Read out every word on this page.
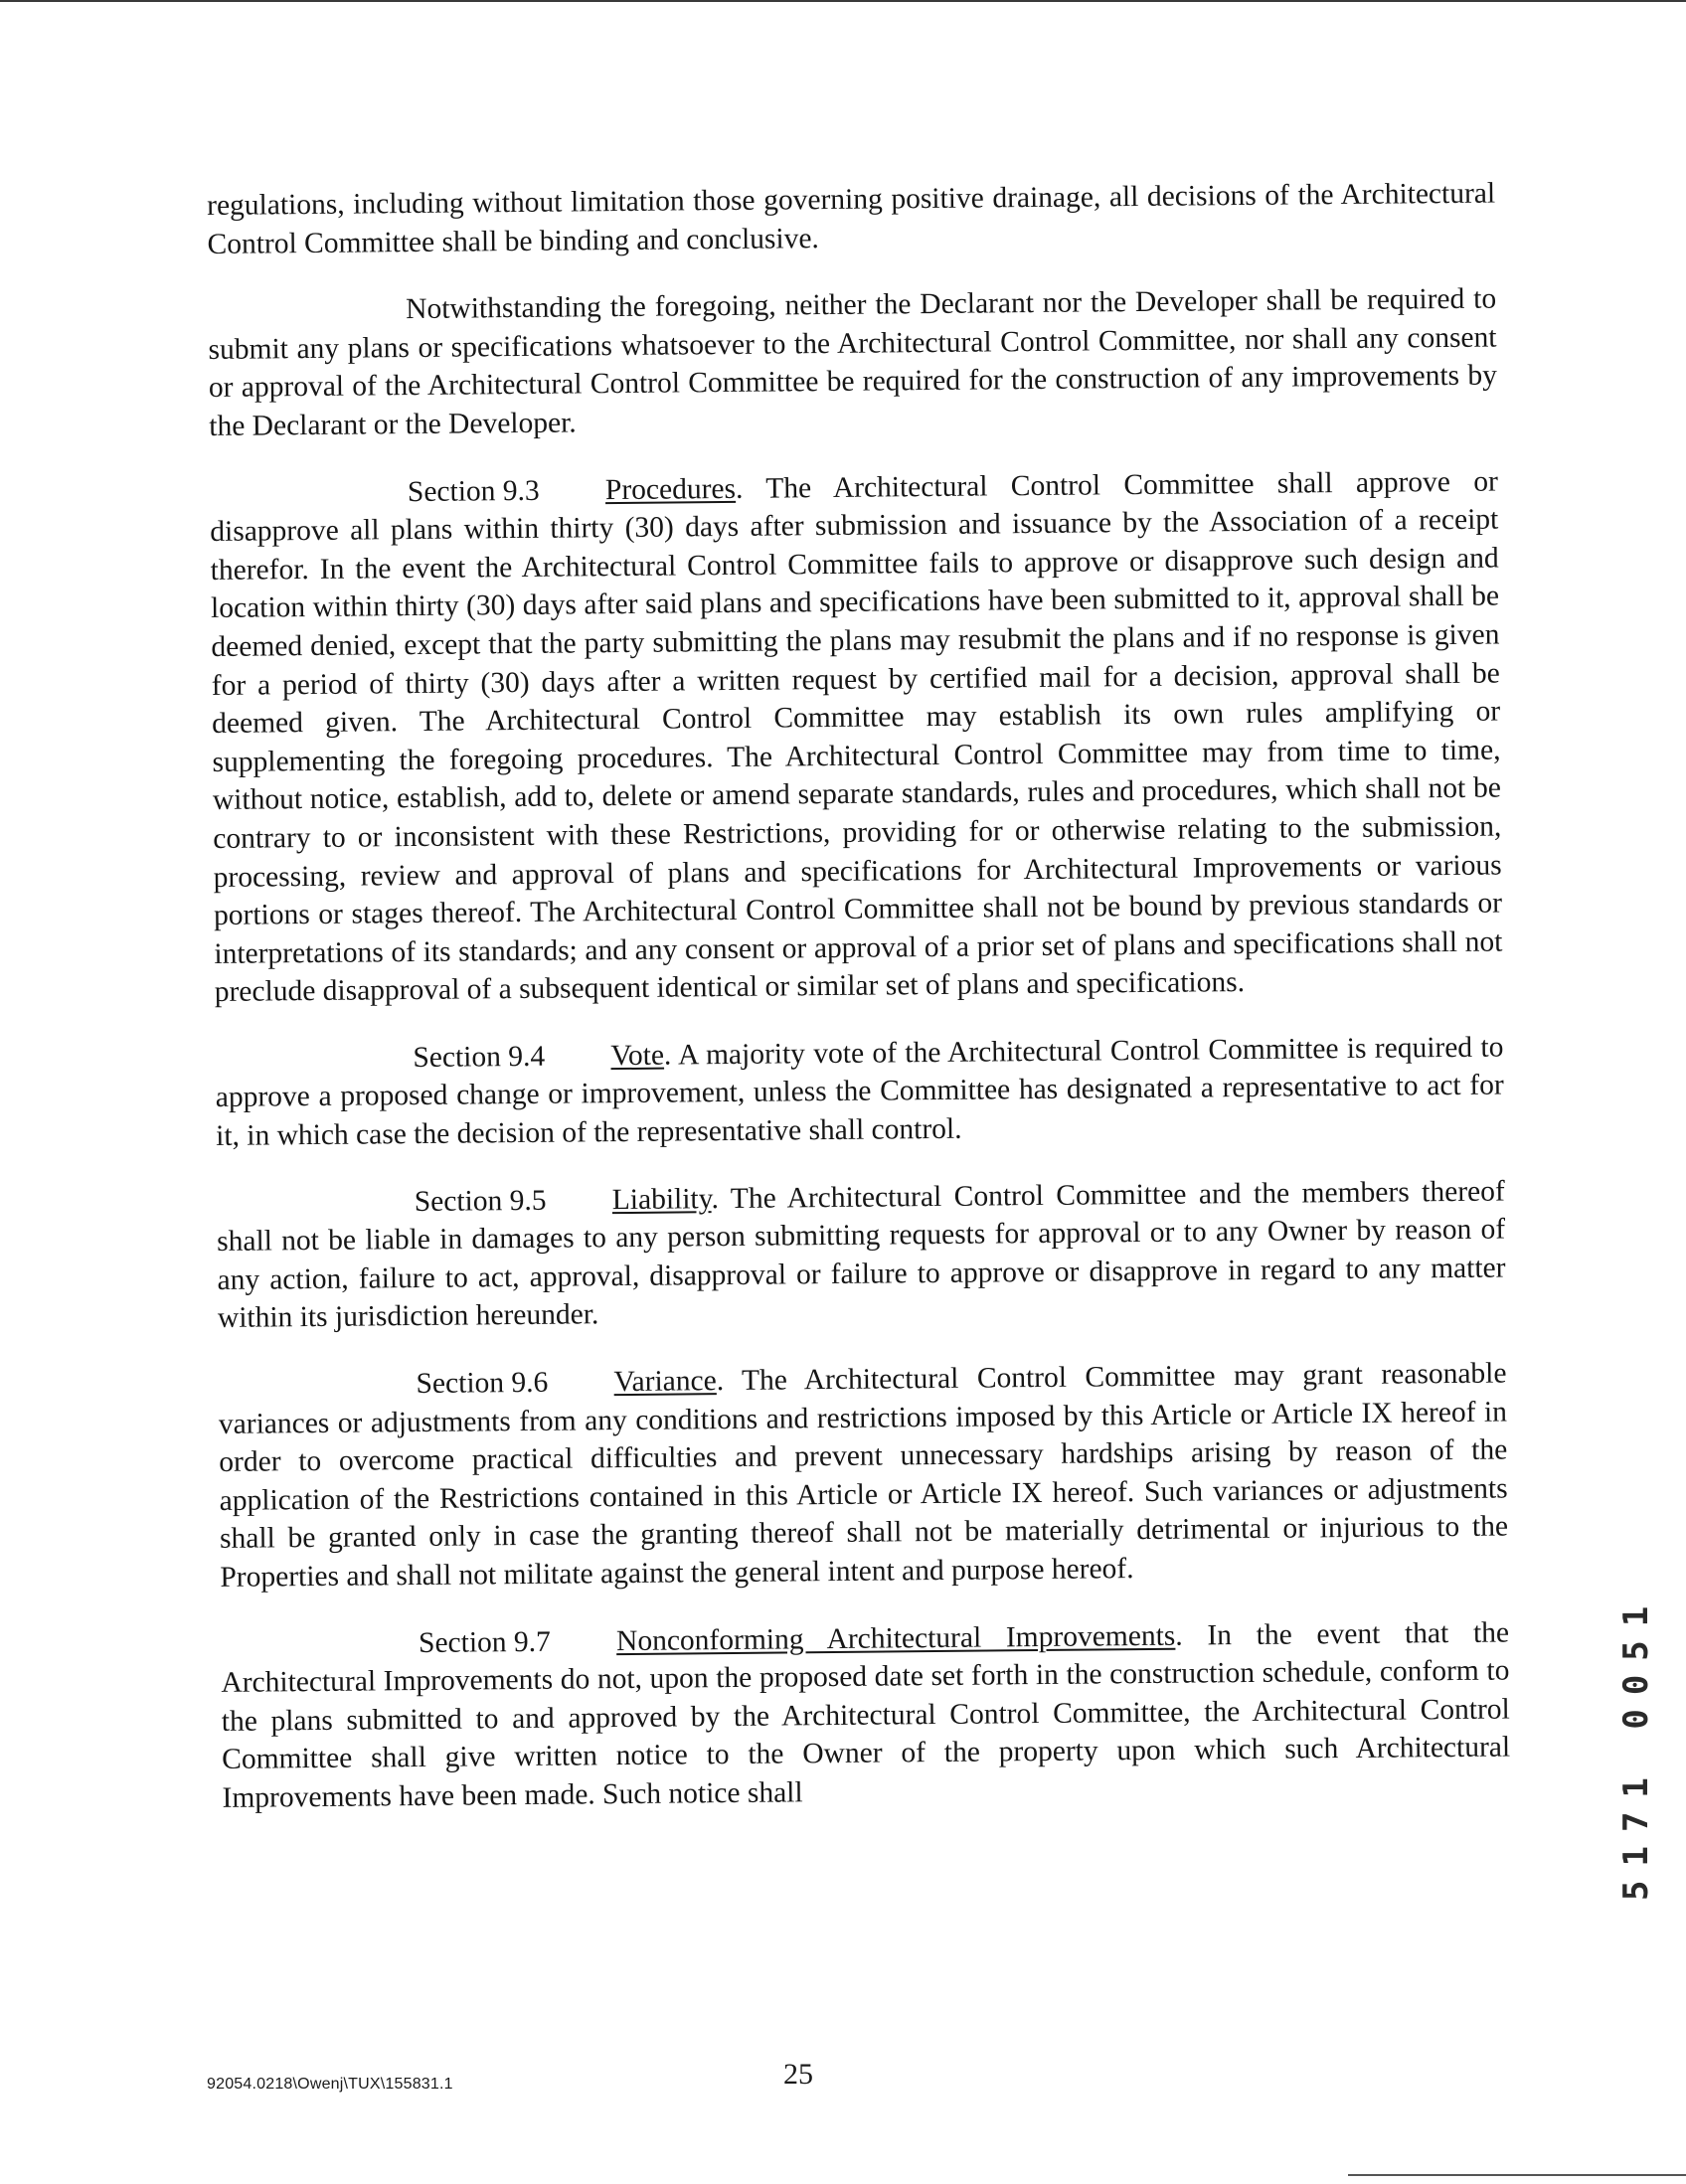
regulations, including without limitation those governing positive drainage, all decisions of the Architectural Control Committee shall be binding and conclusive.

Notwithstanding the foregoing, neither the Declarant nor the Developer shall be required to submit any plans or specifications whatsoever to the Architectural Control Committee, nor shall any consent or approval of the Architectural Control Committee be required for the construction of any improvements by the Declarant or the Developer.

Section 9.3 Procedures. The Architectural Control Committee shall approve or disapprove all plans within thirty (30) days after submission and issuance by the Association of a receipt therefor. In the event the Architectural Control Committee fails to approve or disapprove such design and location within thirty (30) days after said plans and specifications have been submitted to it, approval shall be deemed denied, except that the party submitting the plans may resubmit the plans and if no response is given for a period of thirty (30) days after a written request by certified mail for a decision, approval shall be deemed given. The Architectural Control Committee may establish its own rules amplifying or supplementing the foregoing procedures. The Architectural Control Committee may from time to time, without notice, establish, add to, delete or amend separate standards, rules and procedures, which shall not be contrary to or inconsistent with these Restrictions, providing for or otherwise relating to the submission, processing, review and approval of plans and specifications for Architectural Improvements or various portions or stages thereof. The Architectural Control Committee shall not be bound by previous standards or interpretations of its standards; and any consent or approval of a prior set of plans and specifications shall not preclude disapproval of a subsequent identical or similar set of plans and specifications.

Section 9.4 Vote. A majority vote of the Architectural Control Committee is required to approve a proposed change or improvement, unless the Committee has designated a representative to act for it, in which case the decision of the representative shall control.

Section 9.5 Liability. The Architectural Control Committee and the members thereof shall not be liable in damages to any person submitting requests for approval or to any Owner by reason of any action, failure to act, approval, disapproval or failure to approve or disapprove in regard to any matter within its jurisdiction hereunder.

Section 9.6 Variance. The Architectural Control Committee may grant reasonable variances or adjustments from any conditions and restrictions imposed by this Article or Article IX hereof in order to overcome practical difficulties and prevent unnecessary hardships arising by reason of the application of the Restrictions contained in this Article or Article IX hereof. Such variances or adjustments shall be granted only in case the granting thereof shall not be materially detrimental or injurious to the Properties and shall not militate against the general intent and purpose hereof.

Section 9.7 Nonconforming Architectural Improvements. In the event that the Architectural Improvements do not, upon the proposed date set forth in the construction schedule, conform to the plans submitted to and approved by the Architectural Control Committee, the Architectural Control Committee shall give written notice to the Owner of the property upon which such Architectural Improvements have been made. Such notice shall	5171 0051
92054.0218\Owenj\TUX\155831.1	25
